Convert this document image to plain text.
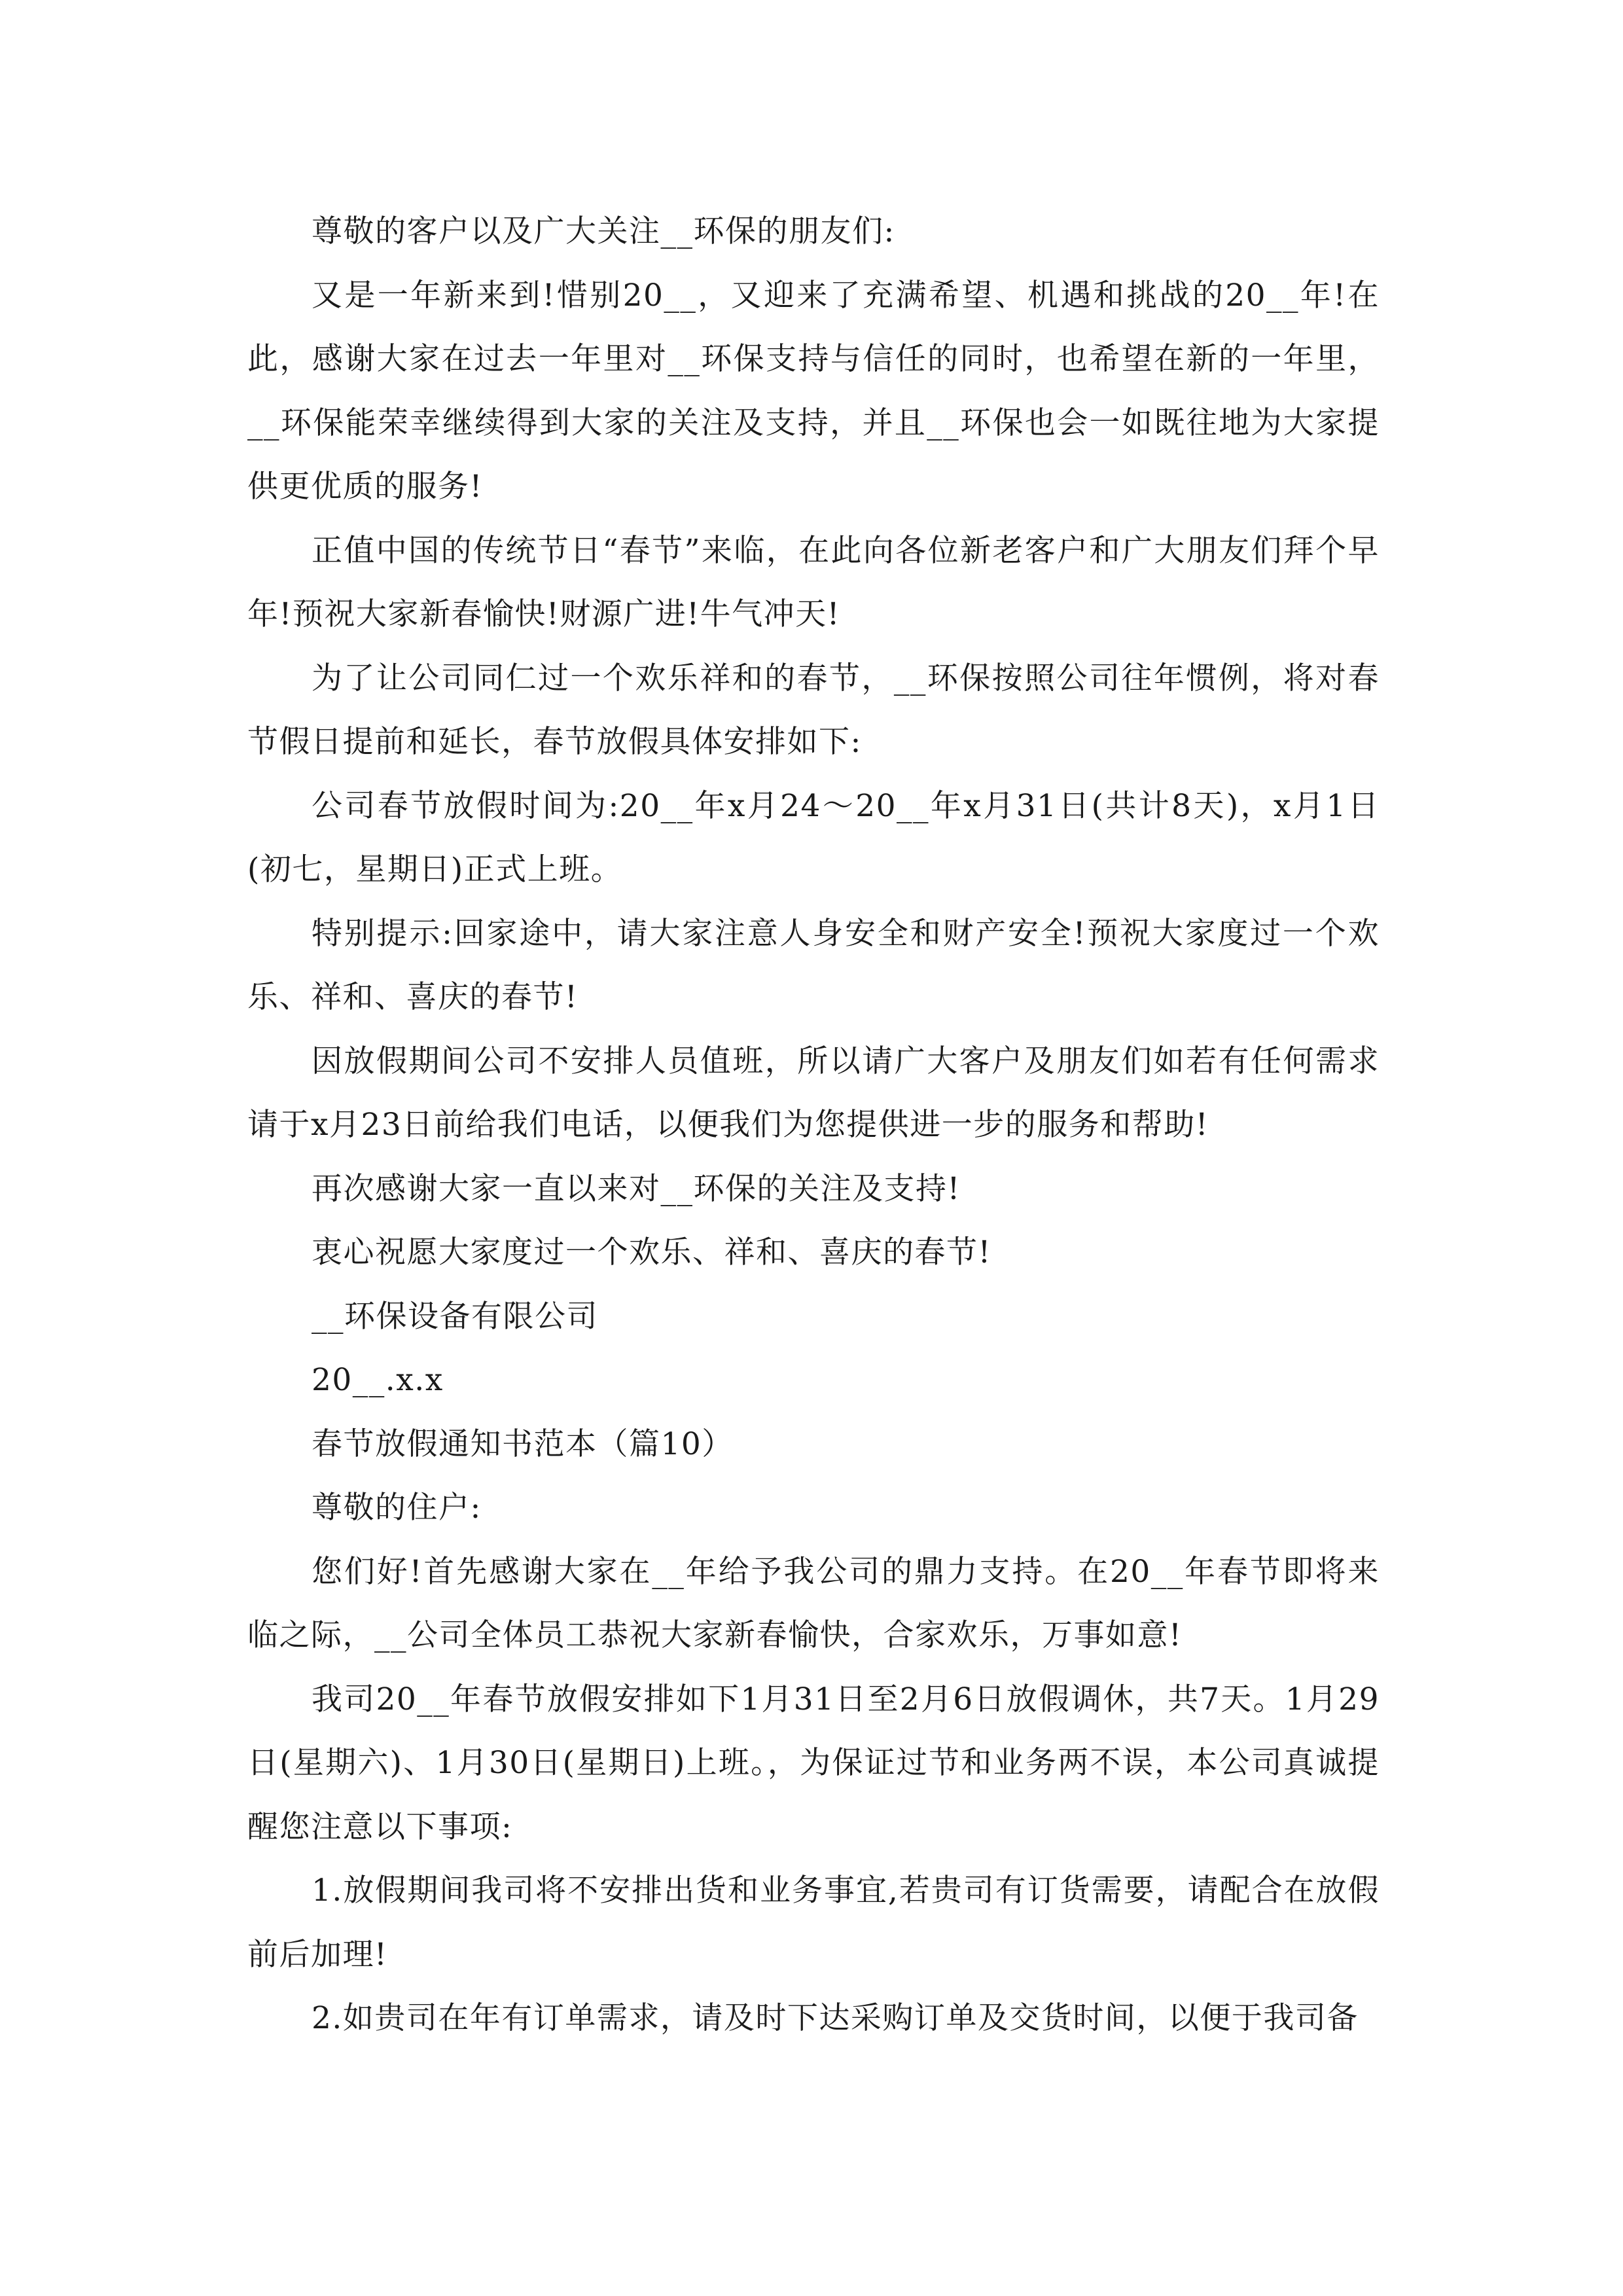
尊敬的客户以及广大关注__环保的朋友们:

又是一年新来到!惜别20__，又迎来了充满希望、机遇和挑战的20__年!在此，感谢大家在过去一年里对__环保支持与信任的同时，也希望在新的一年里，__环保能荣幸继续得到大家的关注及支持，并且__环保也会一如既往地为大家提供更优质的服务!

正值中国的传统节日“春节”来临，在此向各位新老客户和广大朋友们拜个早年!预祝大家新春愉快!财源广进!牛气冲天!

为了让公司同仁过一个欢乐祥和的春节，__环保按照公司往年惯例，将对春节假日提前和延长，春节放假具体安排如下:

公司春节放假时间为:20__年x月24～20__年x月31日(共计8天)，x月1日(初七，星期日)正式上班。

特别提示:回家途中，请大家注意人身安全和财产安全!预祝大家度过一个欢乐、祥和、喜庆的春节!

因放假期间公司不安排人员值班，所以请广大客户及朋友们如若有任何需求请于x月23日前给我们电话，以便我们为您提供进一步的服务和帮助!

再次感谢大家一直以来对__环保的关注及支持!

衷心祝愿大家度过一个欢乐、祥和、喜庆的春节!

__环保设备有限公司

20__.x.x

春节放假通知书范本（篇10）

尊敬的住户:

您们好!首先感谢大家在__年给予我公司的鼎力支持。在20__年春节即将来临之际，__公司全体员工恭祝大家新春愉快，合家欢乐，万事如意!

我司20__年春节放假安排如下1月31日至2月6日放假调休，共7天。1月29日(星期六)、1月30日(星期日)上班。，为保证过节和业务两不误，本公司真诚提醒您注意以下事项:

1.放假期间我司将不安排出货和业务事宜,若贵司有订货需要，请配合在放假前后加理!

2.如贵司在年有订单需求，请及时下达采购订单及交货时间，以便于我司备
